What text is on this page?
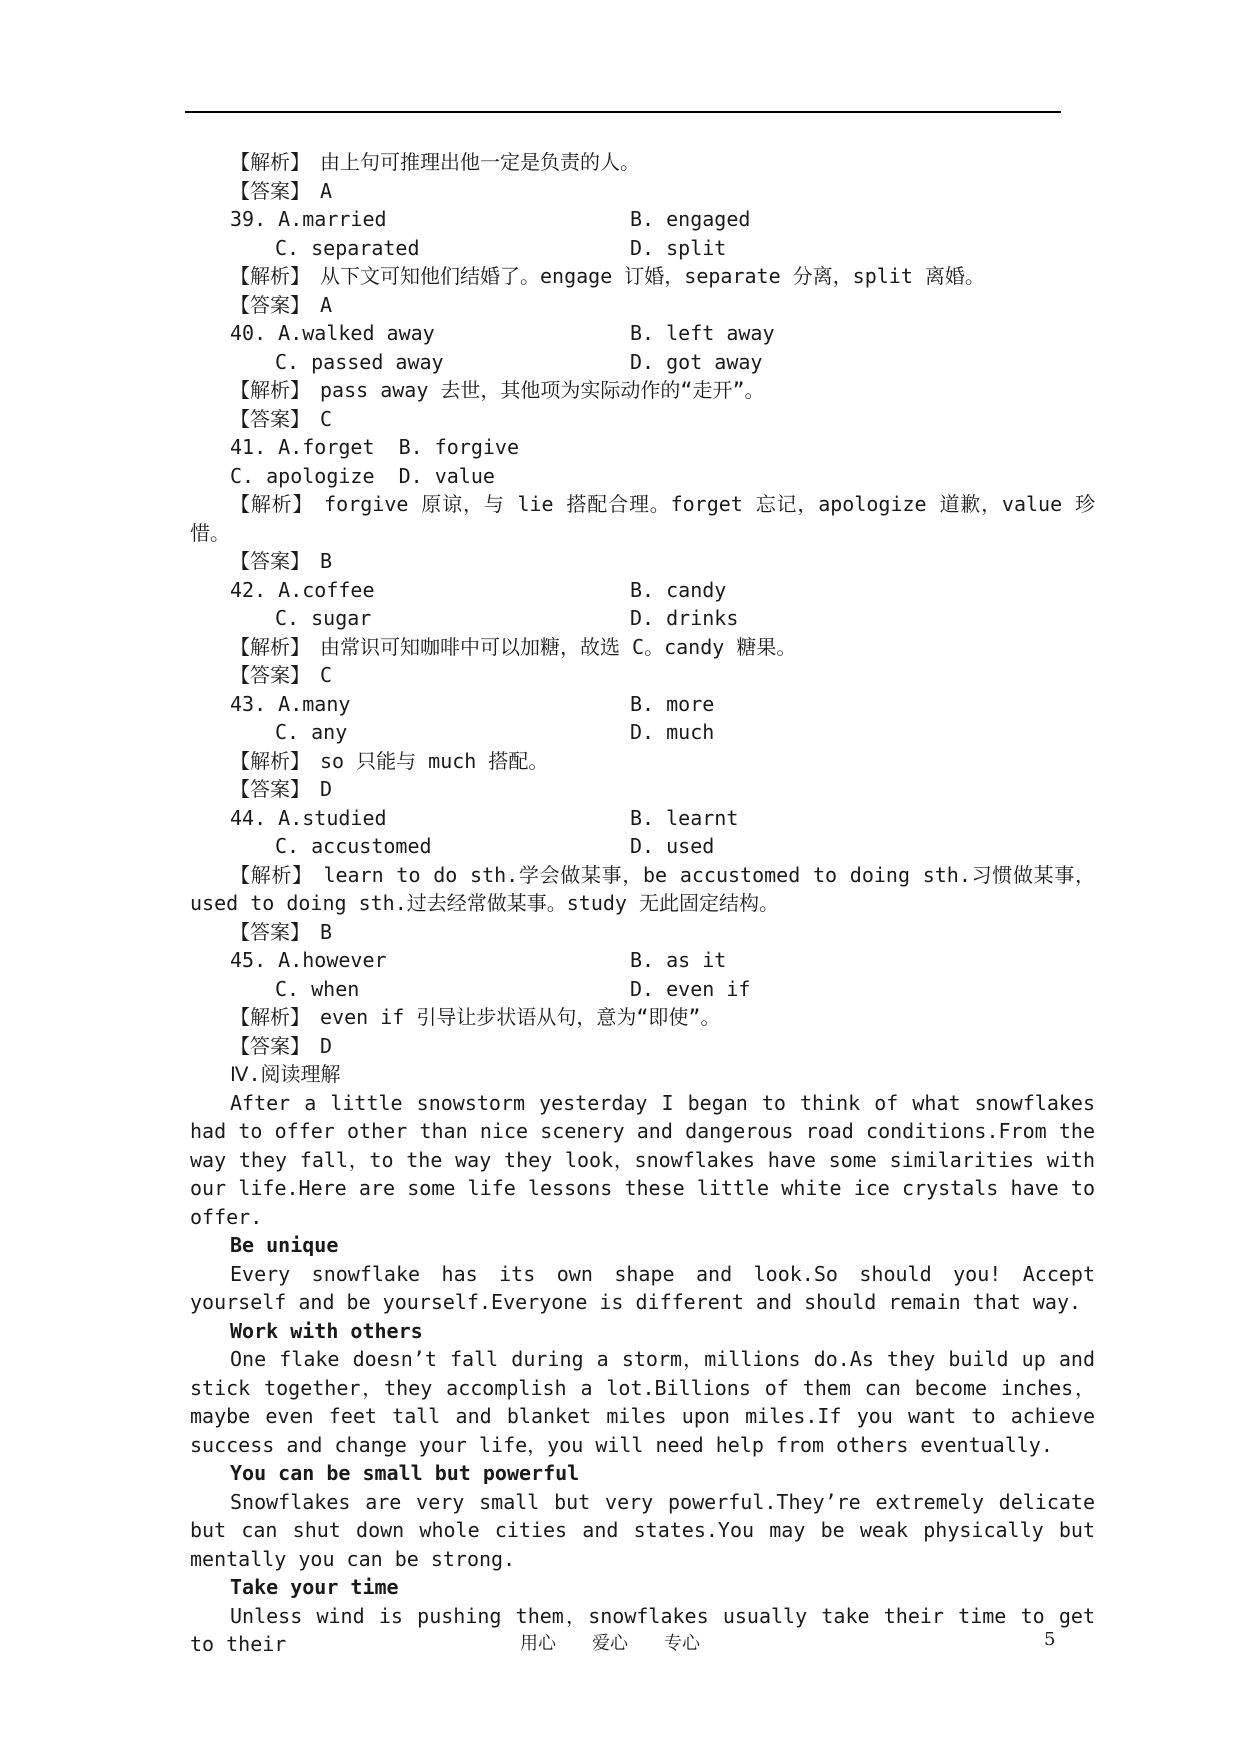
【解析】　 由上句可推理出他一定是负责的人。
【答案】　 A
39. A.married	B. engaged
C. separated	D. split
【解析】　 从下文可知他们结婚了。engage 订婚，separate 分离，split 离婚。
【答案】　 A
40. A.walked away	B. left away
C. passed away	D. got away
【解析】　 pass away 去世，其他项为实际动作的“走开”。
【答案】　 C
41. A.forget  B. forgive
C. apologize  D. value
【解析】　 forgive 原谅，与 lie 搭配合理。forget 忘记，apologize 道歉，value 珍惜。
【答案】　 B
42. A.coffee	B. candy
C. sugar	D. drinks
【解析】　 由常识可知咖啡中可以加糖，故选 C。candy 糖果。
【答案】　 C
43. A.many	B. more
C. any	D. much
【解析】　 so 只能与 much 搭配。
【答案】　 D
44. A.studied	B. learnt
C. accustomed	D. used
【解析】　 learn to do sth.学会做某事，be accustomed to doing sth.习惯做某事，used to doing sth.过去经常做某事。study 无此固定结构。
【答案】　 B
45. A.however	B. as it
C. when	D. even if
【解析】　 even if 引导让步状语从句，意为“即使”。
【答案】　 D
Ⅳ.阅读理解
After a little snowstorm yesterday I began to think of what snowflakes had to offer other than nice scenery and dangerous road conditions.From the way they fall，to the way they look，snowflakes have some similarities with our life.Here are some life lessons these little white ice crystals have to offer.
Be unique
Every snowflake has its own shape and look.So should you! Accept yourself and be yourself.Everyone is different and should remain that way.
Work with others
One flake doesn’t fall during a storm，millions do.As they build up and stick together，they accomplish a lot.Billions of them can become inches，maybe even feet tall and blanket miles upon miles.If you want to achieve success and change your life，you will need help from others eventually.
You can be small but powerful
Snowflakes are very small but very powerful.They’re extremely delicate but can shut down whole cities and states.You may be weak physically but mentally you can be strong.
Take your time
Unless wind is pushing them，snowflakes usually take their time to get to their	用心　　爱心　　专心	5
